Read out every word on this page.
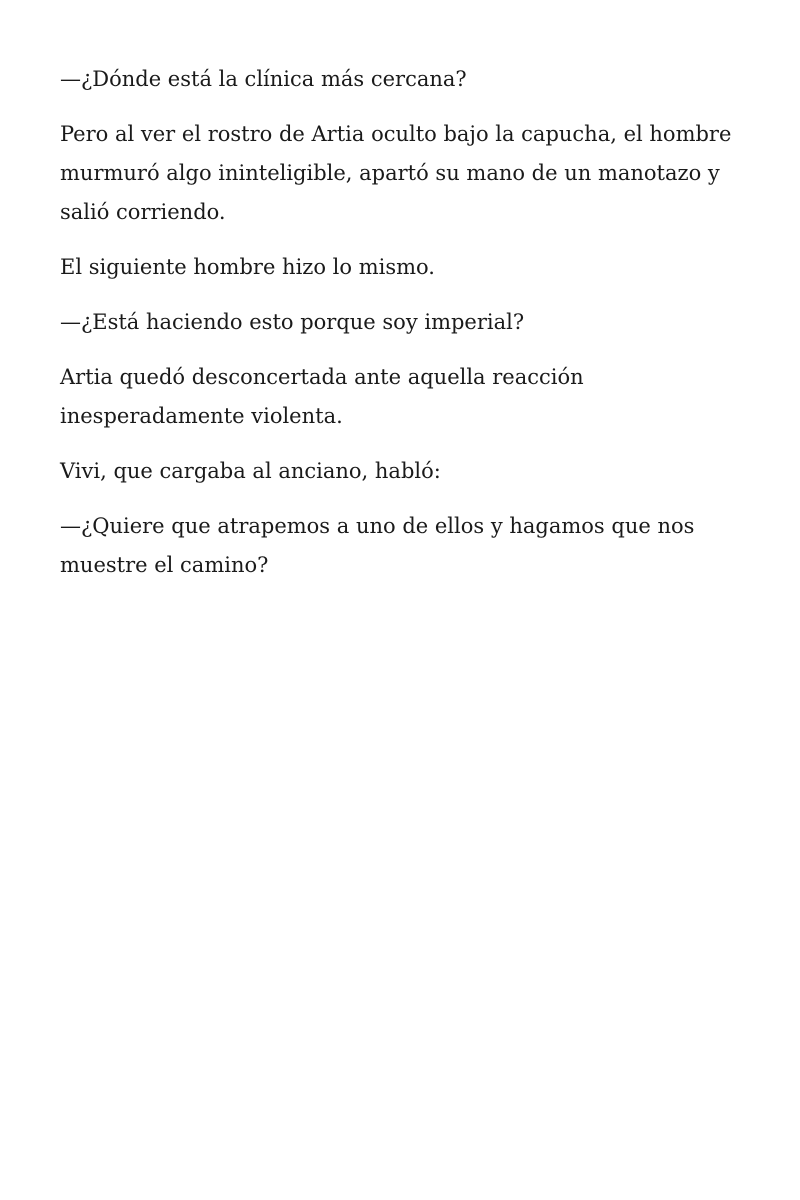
—¿Dónde está la clínica más cercana?

Pero al ver el rostro de Artia oculto bajo la capucha, el hombre murmuró algo ininteligible, apartó su mano de un manotazo y salió corriendo.

El siguiente hombre hizo lo mismo.

—¿Está haciendo esto porque soy imperial?

Artia quedó desconcertada ante aquella reacción inesperadamente violenta.

Vivi, que cargaba al anciano, habló:

—¿Quiere que atrapemos a uno de ellos y hagamos que nos muestre el camino?
